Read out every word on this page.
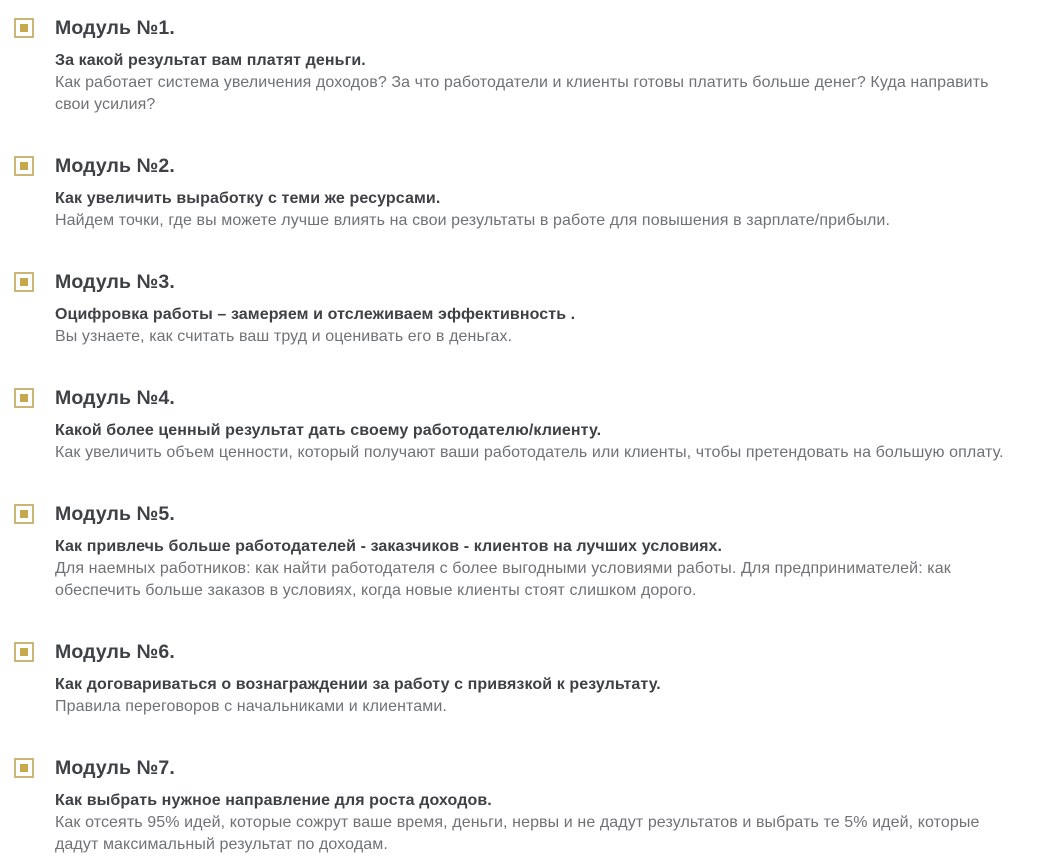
Модуль №1.

За какой результат вам платят деньги.

Как работает система увеличения доходов? За что работодатели и клиенты готовы платить больше денег? Куда направить свои усилия?

Модуль №2.

Как увеличить выработку с теми же ресурсами.

Найдем точки, где вы можете лучше влиять на свои результаты в работе для повышения в зарплате/прибыли.

Модуль №3.

Оцифровка работы – замеряем и отслеживаем эффективность .

Вы узнаете, как считать ваш труд и оценивать его в деньгах.

Модуль №4.

Какой более ценный результат дать своему работодателю/клиенту.

Как увеличить объем ценности, который получают ваши работодатель или клиенты, чтобы претендовать на большую оплату.

Модуль №5.

Как привлечь больше работодателей - заказчиков - клиентов на лучших условиях.

Для наемных работников: как найти работодателя с более выгодными условиями работы. Для предпринимателей: как обеспечить больше заказов в условиях, когда новые клиенты стоят слишком дорого.

Модуль №6.

Как договариваться о вознаграждении за работу с привязкой к результату.

Правила переговоров с начальниками и клиентами.

Модуль №7.

Как выбрать нужное направление для роста доходов.

Как отсеять 95% идей, которые сожрут ваше время, деньги, нервы и не дадут результатов и выбрать те 5% идей, которые дадут максимальный результат по доходам.
